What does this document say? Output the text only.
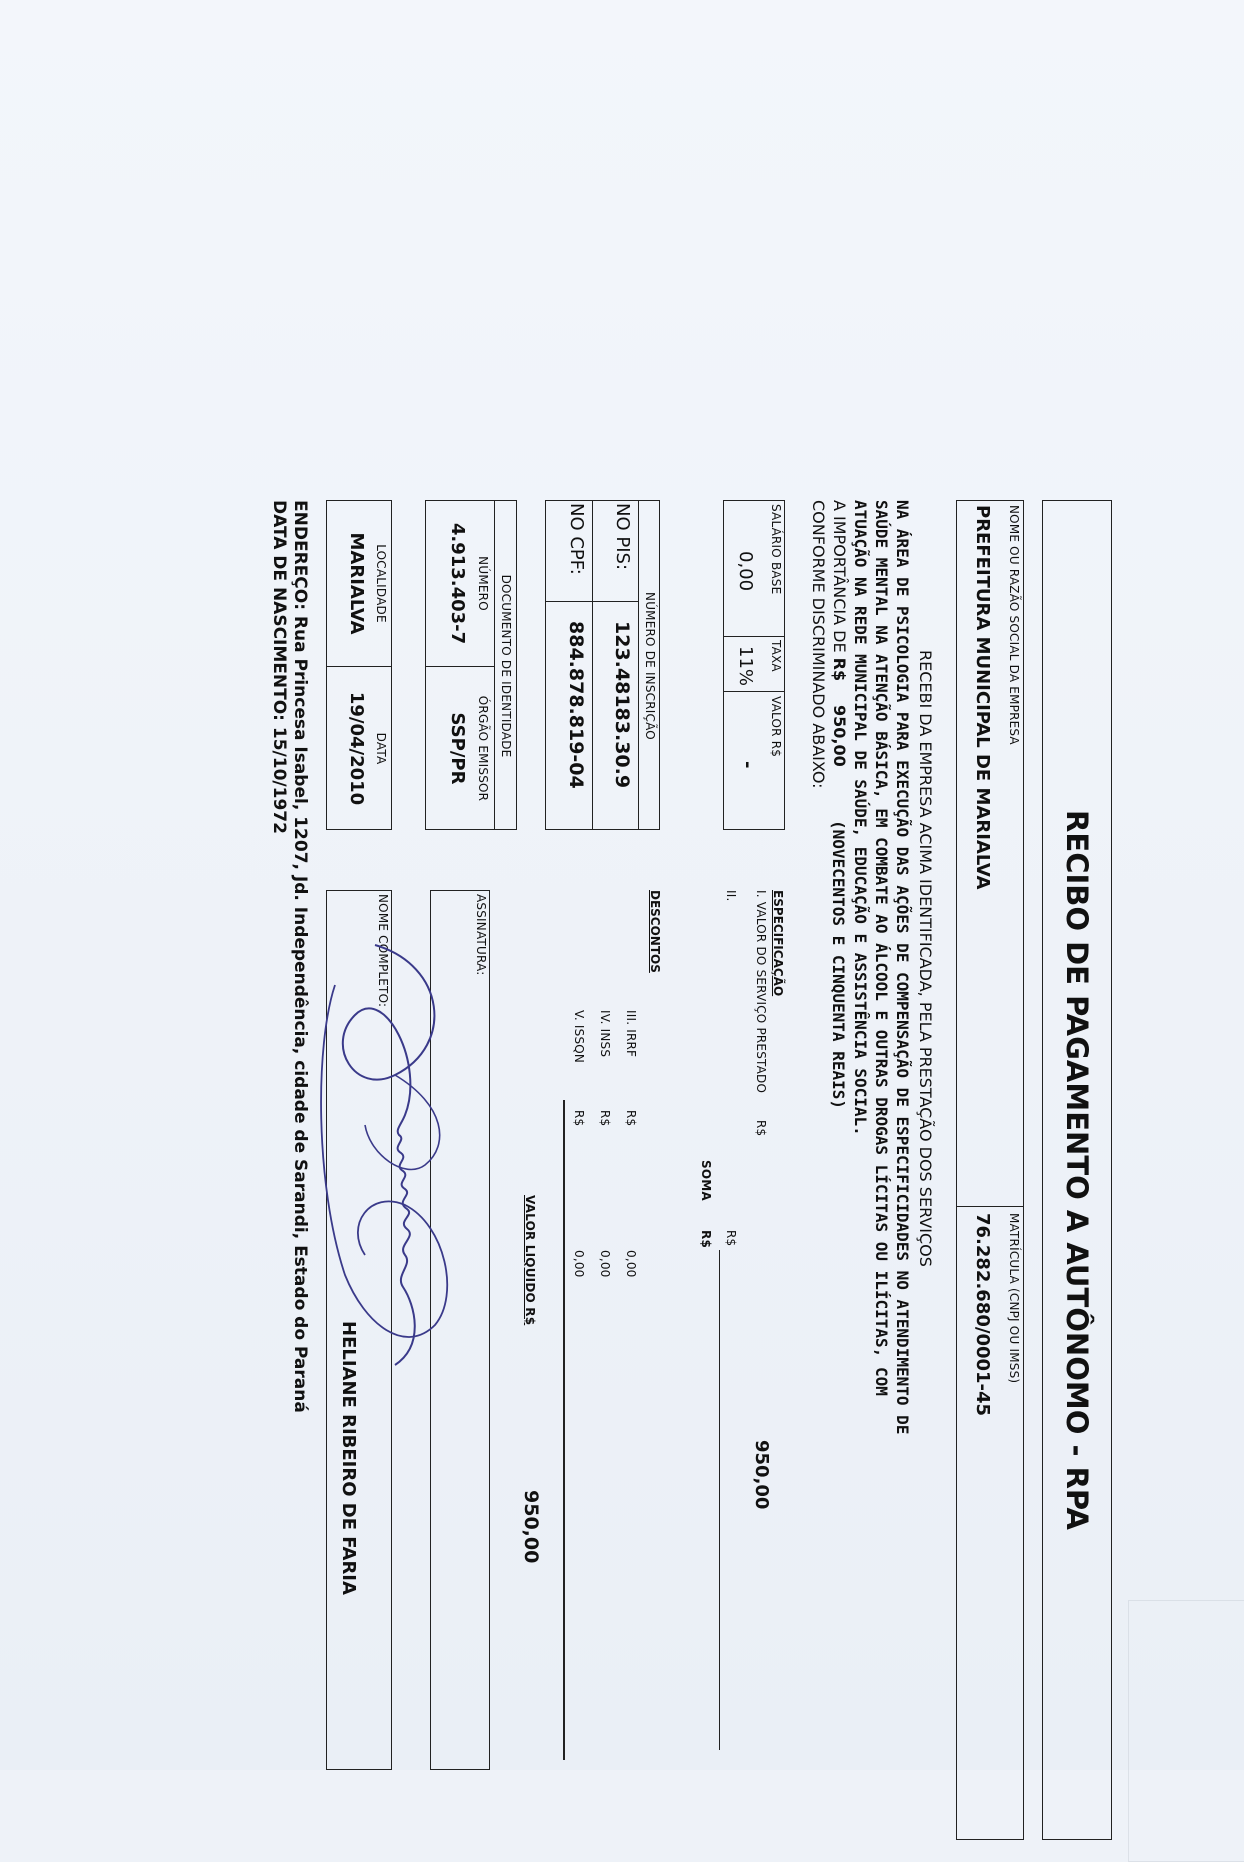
RECIBO DE PAGAMENTO A AUTÔNOMO - RPA
NOME OU RAZÃO SOCIAL DA EMPRESA
PREFEITURA MUNICIPAL DE MARIALVA
MATRÍCULA (CNPJ OU IMSS)
76.282.680/0001-45
RECEBI DA EMPRESA ACIMA IDENTIFICADA, PELA PRESTAÇÃO DOS SERVIÇOS
NA ÁREA DE PSICOLOGIA PARA EXECUÇÃO DAS AÇÕES DE COMPENSAÇÃO DE ESPECIFICIDADES NO ATENDIMENTO DE
SAÚDE MENTAL NA ATENÇÃO BÁSICA, EM COMBATE AO ÁLCOOL E OUTRAS DROGAS LÍCITAS OU ILÍCITAS, COM
ATUAÇÃO NA REDE MUNICIPAL DE SAÚDE, EDUCAÇÃO E ASSISTÊNCIA SOCIAL.
A IMPORTÂNCIA DE R$
950,00
(NOVECENTOS E CINQUENTA REAIS)
CONFORME DISCRIMINADO ABAIXO:
SALÁRIO BASE
0,00
TAXA
11%
VALOR R$
-
NÚMERO DE INSCRIÇÃO
NO PIS:
123.48183.30.9
NO CPF:
884.878.819-04
DOCUMENTO DE IDENTIDADE
NÚMERO
4.913.403-7
ÓRGÃO EMISSOR
SSP/PR
LOCALIDADE
MARIALVA
DATA
19/04/2010
ESPECIFICAÇÃO
I. VALOR DO SERVIÇO PRESTADO
R$
950,00
II.
R$
SOMA
R$
DESCONTOS
III. IRRF
R$
0,00
IV. INSS
R$
0,00
V. ISSQN
R$
0,00
VALOR LIQUIDO R$
950,00
ASSINATURA:
NOME COMPLETO:
HELIANE RIBEIRO DE FARIA
ENDEREÇO: Rua Princesa Isabel, 1207, Jd. Independência, cidade de Sarandi, Estado do Paraná
DATA DE NASCIMENTO: 15/10/1972
